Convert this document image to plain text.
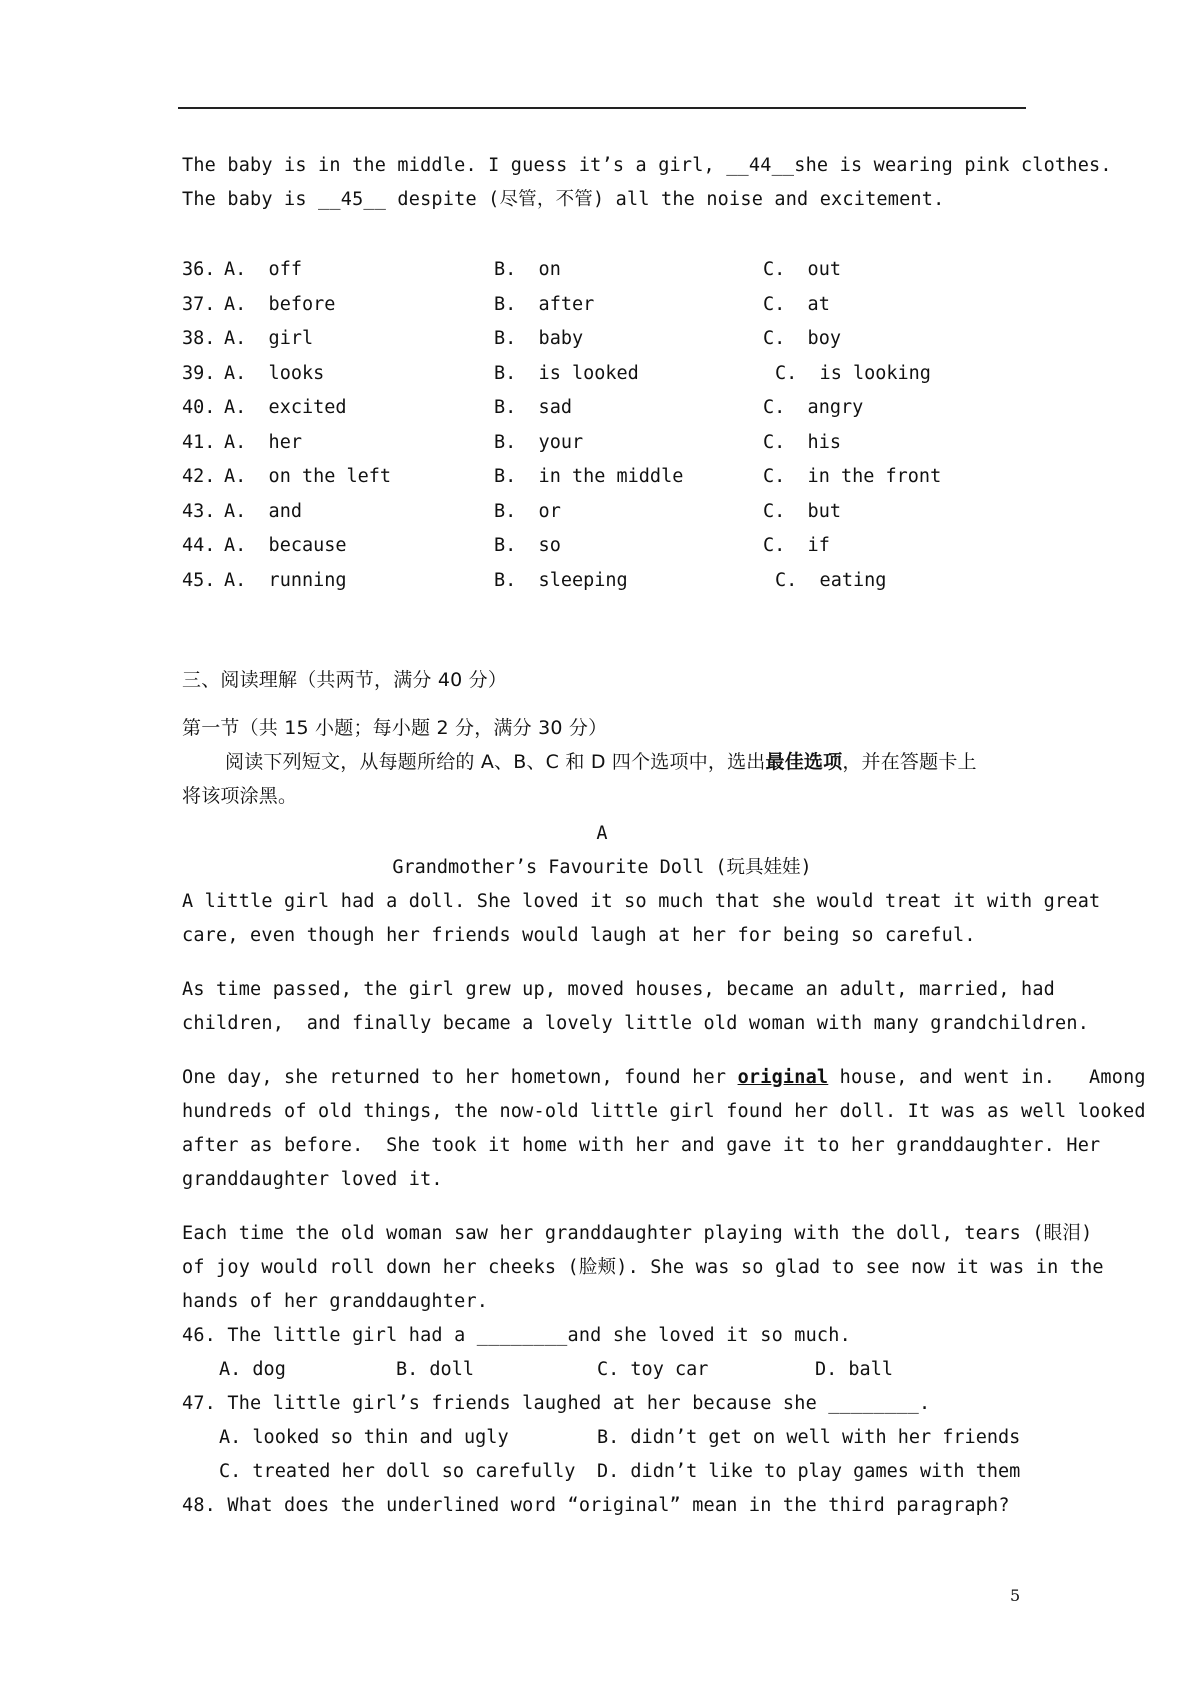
The baby is in the middle. I guess it’s a girl, __44__she is wearing pink clothes.
The baby is __45__ despite (尽管，不管) all the noise and excitement.
36. A.  off	B.  on	C.  out
37. A.  before	B.  after	C.  at
38. A.  girl	B.  baby	C.  boy
39. A.  looks	B.  is looked	C.  is looking
40. A.  excited	B.  sad	C.  angry
41. A.  her	B.  your	C.  his
42. A.  on the left	B.  in the middle	C.  in the front
43. A.  and	B.  or	C.  but
44. A.  because	B.  so	C.  if
45. A.  running	B.  sleeping	C.  eating
三、阅读理解（共两节，满分 40 分）
第一节（共 15 小题；每小题 2 分，满分 30 分）
阅读下列短文，从每题所给的 A、B、C 和 D 四个选项中，选出最佳选项，并在答题卡上
将该项涂黑。
A
Grandmother’s Favourite Doll (玩具娃娃)
A little girl had a doll. She loved it so much that she would treat it with great
care, even though her friends would laugh at her for being so careful.
As time passed, the girl grew up, moved houses, became an adult, married, had
children,  and finally became a lovely little old woman with many grandchildren.
One day, she returned to her hometown, found her original house, and went in.   Among
hundreds of old things, the now-old little girl found her doll. It was as well looked
after as before.  She took it home with her and gave it to her granddaughter. Her
granddaughter loved it.
Each time the old woman saw her granddaughter playing with the doll, tears (眼泪)
of joy would roll down her cheeks (脸颊). She was so glad to see now it was in the
hands of her granddaughter.
46. The little girl had a ________and she loved it so much.
A. dog	B. doll	C. toy car	D. ball
47. The little girl’s friends laughed at her because she ________.
A. looked so thin and ugly	B. didn’t get on well with her friends
C. treated her doll so carefully D. didn’t like to play games with them
48. What does the underlined word “original” mean in the third paragraph?
5
